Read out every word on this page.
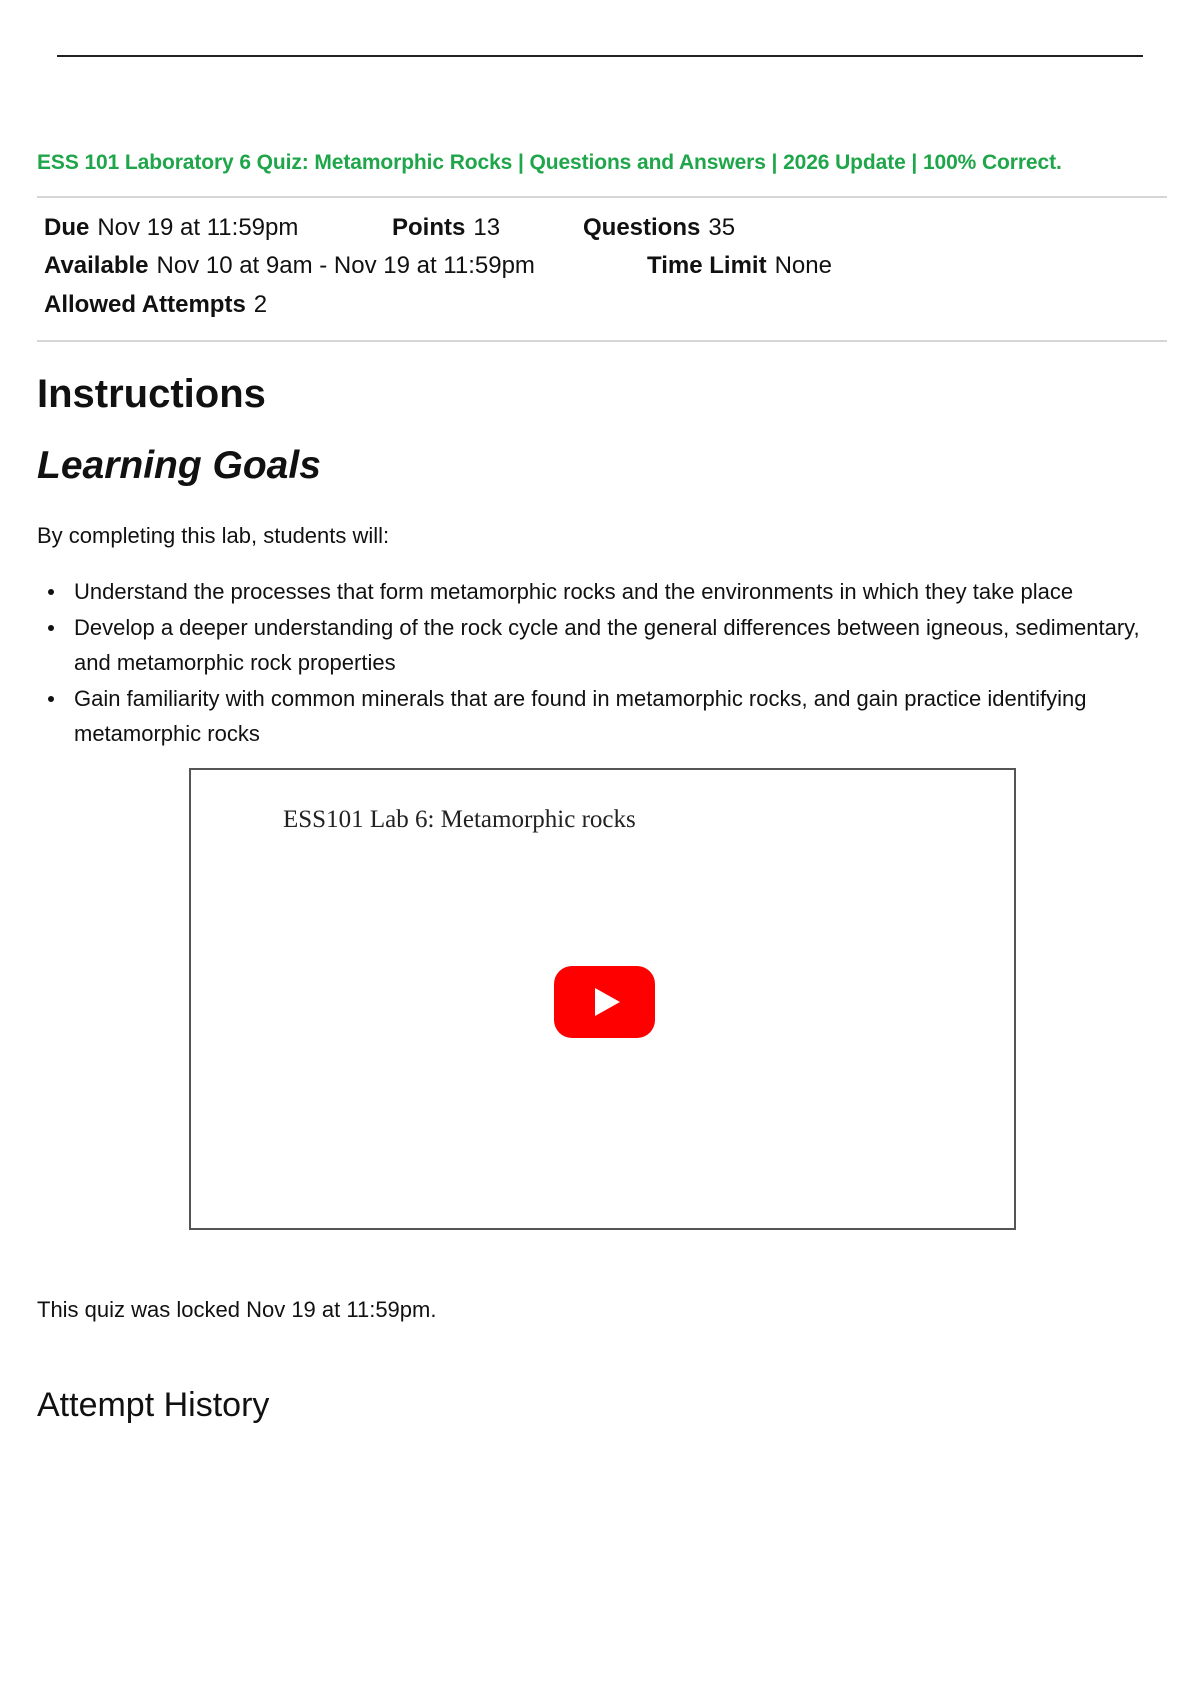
ESS 101 Laboratory 6 Quiz: Metamorphic Rocks | Questions and Answers | 2026 Update | 100% Correct.
Due Nov 19 at 11:59pm	Points 13	Questions 35
Available Nov 10 at 9am - Nov 19 at 11:59pm	Time Limit None
Allowed Attempts 2
Instructions
Learning Goals
By completing this lab, students will:
Understand the processes that form metamorphic rocks and the environments in which they take place
Develop a deeper understanding of the rock cycle and the general differences between igneous, sedimentary, and metamorphic rock properties
Gain familiarity with common minerals that are found in metamorphic rocks, and gain practice identifying metamorphic rocks
ESS101 Lab 6: Metamorphic rocks
This quiz was locked Nov 19 at 11:59pm.
Attempt History
